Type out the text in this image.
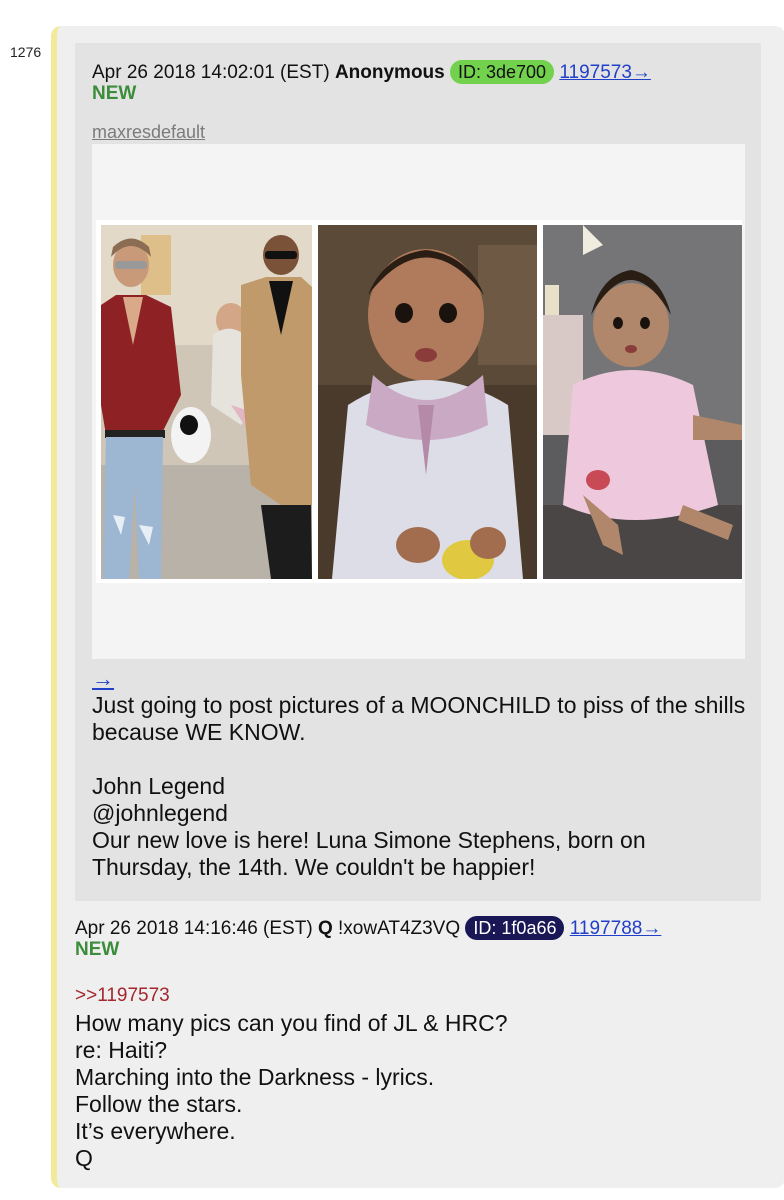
1276
Apr 26 2018 14:02:01 (EST) Anonymous ID: 3de700 1197573→
NEW
maxresdefault
→
Just going to post pictures of a MOONCHILD to piss of the shills because WE KNOW.

John Legend
@johnlegend
Our new love is here! Luna Simone Stephens, born on Thursday, the 14th. We couldn't be happier!
Apr 26 2018 14:16:46 (EST) Q !xowAT4Z3VQ ID: 1f0a66 1197788→
NEW
>>1197573
How many pics can you find of JL & HRC?
re: Haiti?
Marching into the Darkness - lyrics.
Follow the stars.
It’s everywhere.
Q
